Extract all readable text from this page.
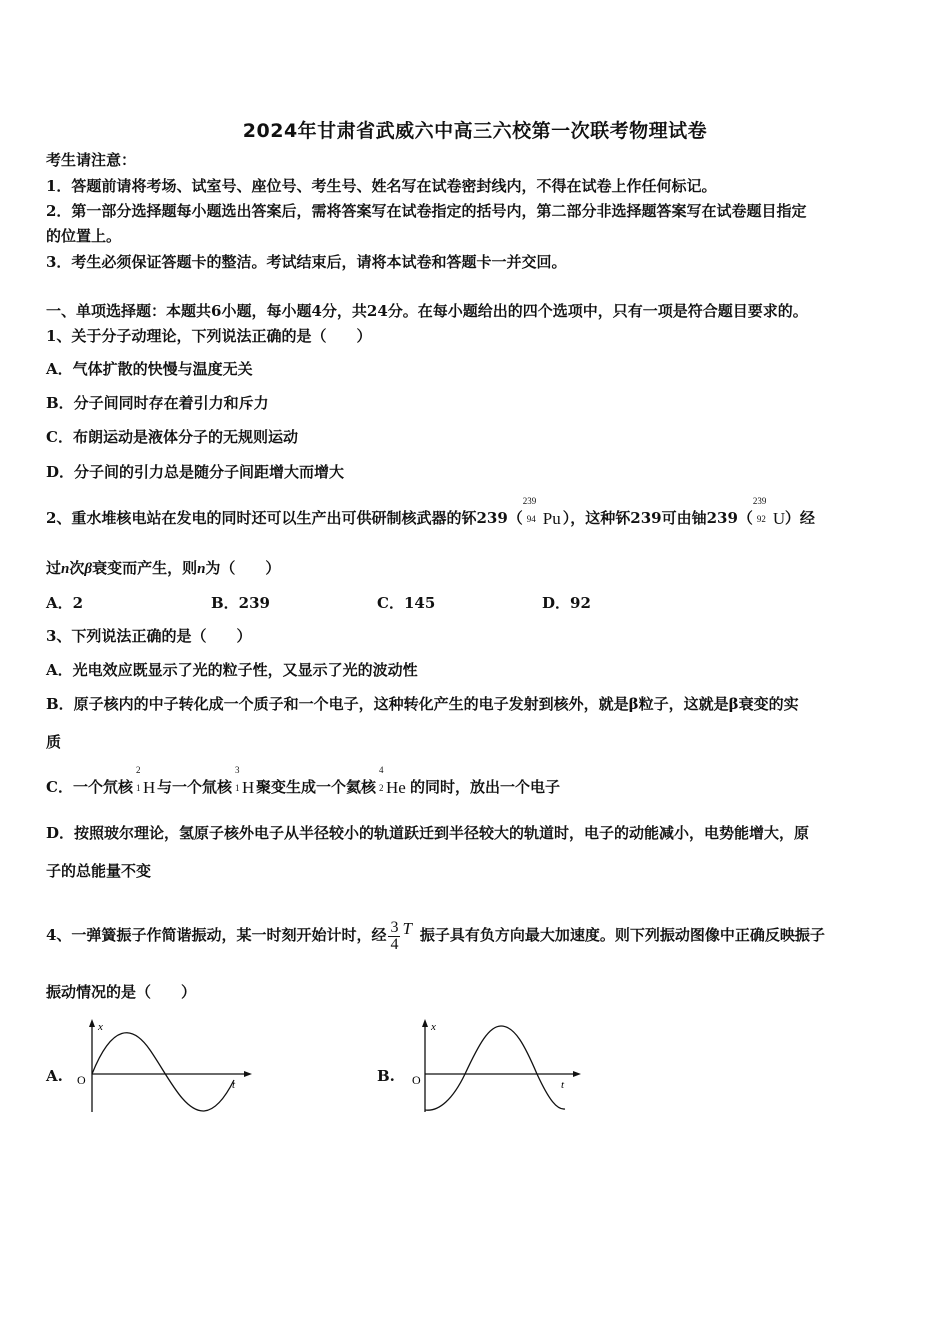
2024年甘肃省武威六中高三六校第一次联考物理试卷
考生请注意：
1．答题前请将考场、试室号、座位号、考生号、姓名写在试卷密封线内，不得在试卷上作任何标记。
2．第一部分选择题每小题选出答案后，需将答案写在试卷指定的括号内，第二部分非选择题答案写在试卷题目指定
的位置上。
3．考生必须保证答题卡的整洁。考试结束后，请将本试卷和答题卡一并交回。
一、单项选择题：本题共6小题，每小题4分，共24分。在每小题给出的四个选项中，只有一项是符合题目要求的。
1、关于分子动理论，下列说法正确的是（　　）
A．气体扩散的快慢与温度无关
B．分子间同时存在着引力和斥力
C．布朗运动是液体分子的无规则运动
D．分子间的引力总是随分子间距增大而增大
2、重水堆核电站在发电的同时还可以生产出可供研制核武器的钚239（
239
94 Pu ），这种钚239可由铀239（
239
92 U）经
过n次β衰变而产生，则n为（　　）
A．2	B．239	C．145	D．92
3、下列说法正确的是（　　）
A．光电效应既显示了光的粒子性，又显示了光的波动性
B．原子核内的中子转化成一个质子和一个电子，这种转化产生的电子发射到核外，就是β粒子，这就是β衰变的实
质
C．一个氘核
2
1 H 与一个氚核
3
1 H 聚变生成一个氦核
4
2 He 的同时，放出一个电子
D．按照玻尔理论，氢原子核外电子从半径较小的轨道跃迁到半径较大的轨道时，电子的动能减小，电势能增大，原
子的总能量不变
4、一弹簧振子作简谐振动，某一时刻开始计时，经 $\frac{3}{4}$ T 振子具有负方向最大加速度。则下列振动图像中正确反映振子
振动情况的是（　　）
A.	B.
x
t
O
x
t
O
